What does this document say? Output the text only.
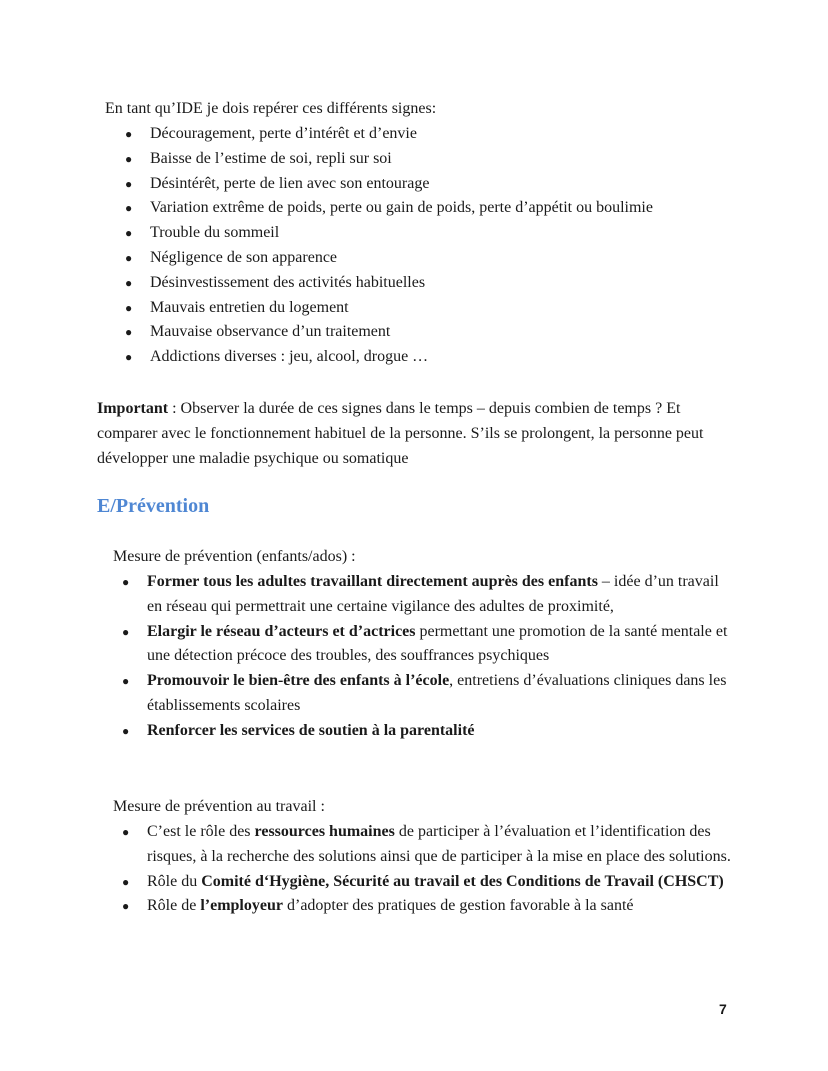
En tant qu’IDE je dois repérer ces différents signes:
● Découragement, perte d’intérêt et d’envie
● Baisse de l’estime de soi, repli sur soi
● Désintérêt, perte de lien avec son entourage
● Variation extrême de poids, perte ou gain de poids, perte d’appétit ou boulimie
● Trouble du sommeil
● Négligence de son apparence
● Désinvestissement des activités habituelles
● Mauvais entretien du logement
● Mauvaise observance d’un traitement
● Addictions diverses : jeu, alcool, drogue …
Important : Observer la durée de ces signes dans le temps – depuis combien de temps ? Et comparer avec le fonctionnement habituel de la personne. S’ils se prolongent, la personne peut développer une maladie psychique ou somatique
E/Prévention
Mesure de prévention (enfants/ados) :
● Former tous les adultes travaillant directement auprès des enfants – idée d’un travail en réseau qui permettrait une certaine vigilance des adultes de proximité,
● Elargir le réseau d’acteurs et d’actrices permettant une promotion de la santé mentale et une détection précoce des troubles, des souffrances psychiques
● Promouvoir le bien-être des enfants à l’école, entretiens d’évaluations cliniques dans les établissements scolaires
● Renforcer les services de soutien à la parentalité
Mesure de prévention au travail :
● C’est le rôle des ressources humaines de participer à l’évaluation et l’identification des risques, à la recherche des solutions ainsi que de participer à la mise en place des solutions.
● Rôle du Comité d‘Hygiène, Sécurité au travail et des Conditions de Travail (CHSCT)
● Rôle de l’employeur d’adopter des pratiques de gestion favorable à la santé
7
